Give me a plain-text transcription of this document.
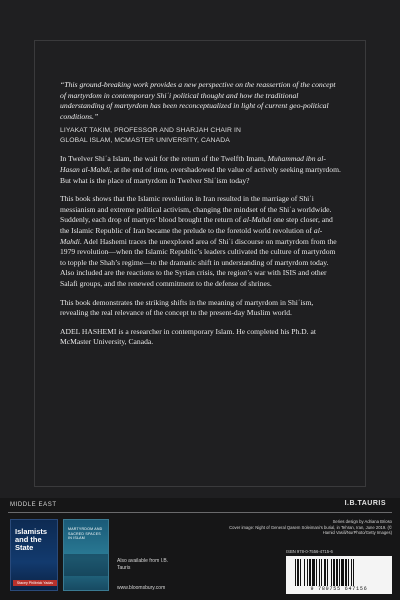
“This ground-breaking work provides a new perspective on the reassertion of the concept of martyrdom in contemporary Shiʿi political thought and how the traditional understanding of martyrdom has been reconceptualized in light of current geo-political conditions.”

LIYAKAT TAKIM, PROFESSOR AND SHARJAH CHAIR IN
GLOBAL ISLAM, MCMASTER UNIVERSITY, CANADA

In Twelver Shiʿa Islam, the wait for the return of the Twelfth Imam, Muhammad ibn al-Hasan al-Mahdi, at the end of time, overshadowed the value of actively seeking martyrdom. But what is the place of martyrdom in Twelver Shiʿism today?

This book shows that the Islamic revolution in Iran resulted in the marriage of Shiʿi messianism and extreme political activism, changing the mindset of the Shiʿa worldwide. Suddenly, each drop of martyrs’ blood brought the return of al-Mahdi one step closer, and the Islamic Republic of Iran became the prelude to the foretold world revolution of al-Mahdi. Adel Hashemi traces the unexplored area of Shiʿi discourse on martyrdom from the 1979 revolution—when the Islamic Republic’s leaders cultivated the culture of martyrdom to topple the Shah’s regime—to the dramatic shift in understanding of martyrdom today. Also included are the reactions to the Syrian crisis, the region’s war with ISIS and other Salafi groups, and the renewed commitment to the defense of shrines.

This book demonstrates the striking shifts in the meaning of martyrdom in Shiʿism, revealing the real relevance of the concept to the present-day Muslim world.

ADEL HASHEMI is a researcher in contemporary Islam. He completed his Ph.D. at McMaster University, Canada.

MIDDLE EAST	I.B.TAURIS
Islamists and the State
Stacey Philbrick Yadav
MARTYRDOM AND SACRED SPACES IN ISLAM
Also available from I.B. Tauris
www.bloomsbury.com
Series design by Adriana Brioso
Cover image: Night of General Qasem Soleimani’s burial, in Tehran, Iran, June 2019. (© Hamid Vasili/NurPhoto/Getty Images)
ISBN 978-0-7556-4715-6
9 780755 647156
